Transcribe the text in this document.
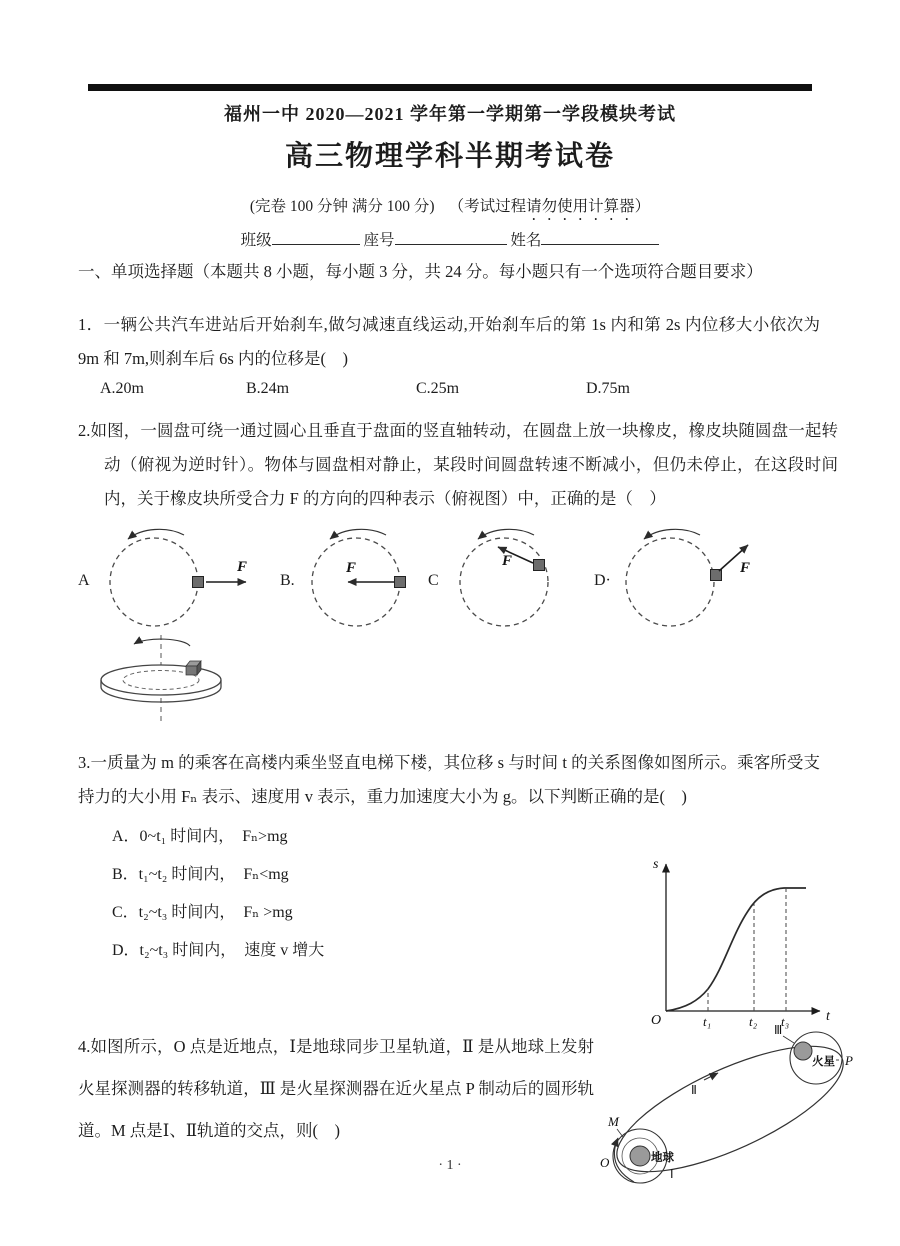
福州一中 2020—2021 学年第一学期第一学段模块考试
高三物理学科半期考试卷
(完卷 100 分钟 满分 100 分) （考试过程请勿使用计算器）
班级	座号	姓名
一、单项选择题（本题共 8 小题，每小题 3 分，共 24 分。每小题只有一个选项符合题目要求）
1．一辆公共汽车进站后开始刹车,做匀减速直线运动,开始刹车后的第 1s 内和第 2s 内位移大小依次为 9m 和 7m,则刹车后 6s 内的位移是(　)
A.20m	B.24m	C.25m	D.75m
2.如图，一圆盘可绕一通过圆心且垂直于盘面的竖直轴转动，在圆盘上放一块橡皮，橡皮块随圆盘一起转动（俯视为逆时针）。物体与圆盘相对静止，某段时间圆盘转速不断减小，但仍未停止，在这段时间内，关于橡皮块所受合力 F 的方向的四种表示（俯视图）中，正确的是（　）
A
F
B.
F
C
F
D·
F
3.一质量为 m 的乘客在高楼内乘坐竖直电梯下楼，其位移 s 与时间 t 的关系图像如图所示。乘客所受支持力的大小用 Fₙ 表示、速度用 v 表示，重力加速度大小为 g。以下判断正确的是(　)
A．0~t₁ 时间内，　Fₙ>mg
B．t₁~t₂ 时间内，　Fₙ<mg
C．t₂~t₃ 时间内，　Fₙ >mg
D．t₂~t₃ 时间内，　速度 v 增大
s
t
O	t₁	t₂ t₃
4.如图所示，O 点是近地点，Ⅰ是地球同步卫星轨道，Ⅱ 是从地球上发射火星探测器的转移轨道，Ⅲ 是火星探测器在近火星点 P 制动后的圆形轨道。M 点是Ⅰ、Ⅱ轨道的交点，则(　)
地球
O
M
Ⅰ
Ⅱ
火星
Ⅲ
P
· 1 ·
